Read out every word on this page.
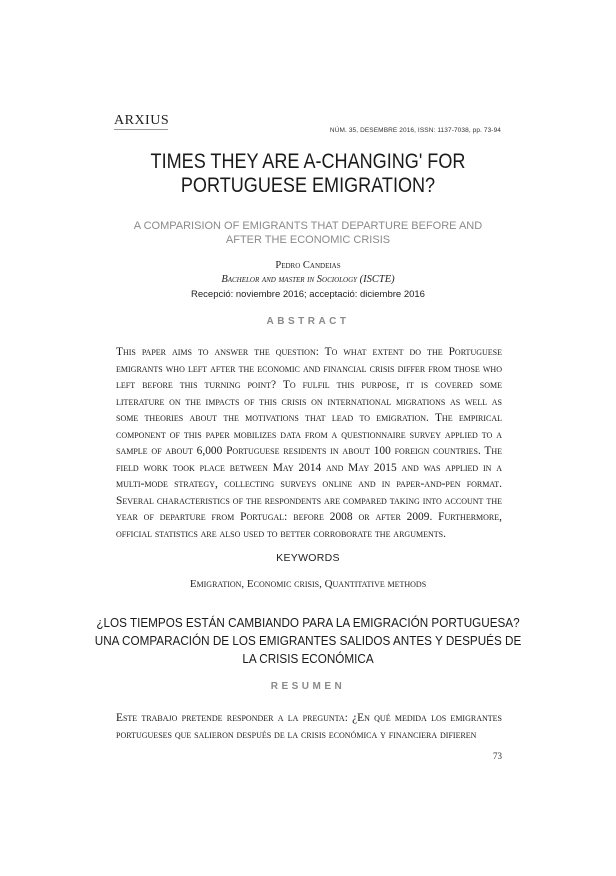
ARXIUS
NÚM. 35, DESEMBRE 2016, ISSN: 1137-7038, pp. 73-94
TIMES THEY ARE A-CHANGING' FOR
PORTUGUESE EMIGRATION?
A COMPARISION OF EMIGRANTS THAT DEPARTURE BEFORE AND
AFTER THE ECONOMIC CRISIS
Pedro Candeias
Bachelor and master in Sociology (ISCTE)
Recepció: noviembre 2016; acceptació: diciembre 2016
ABSTRACT
This paper aims to answer the question: To what extent do the Portuguese emigrants who left after the economic and financial crisis differ from those who left before this turning point? To fulfil this purpose, it is covered some literature on the impacts of this crisis on international migrations as well as some theories about the motivations that lead to emigration. The empirical component of this paper mobilizes data from a questionnaire survey applied to a sample of about 6,000 Portuguese residents in about 100 foreign countries. The field work took place between May 2014 and May 2015 and was applied in a multi-mode strategy, collecting surveys online and in paper-and-pen format. Several characteristics of the respondents are compared taking into account the year of departure from Portugal: before 2008 or after 2009. Furthermore, official statistics are also used to better corroborate the arguments.
KEYWORDS
Emigration, Economic crisis, Quantitative methods
¿LOS TIEMPOS ESTÁN CAMBIANDO PARA LA EMIGRACIÓN PORTUGUESA?
UNA COMPARACIÓN DE LOS EMIGRANTES SALIDOS ANTES Y DESPUÉS DE
LA CRISIS ECONÓMICA
RESUMEN
Este trabajo pretende responder a la pregunta: ¿En qué medida los emigrantes portugueses que salieron después de la crisis económica y financiera difieren
73
